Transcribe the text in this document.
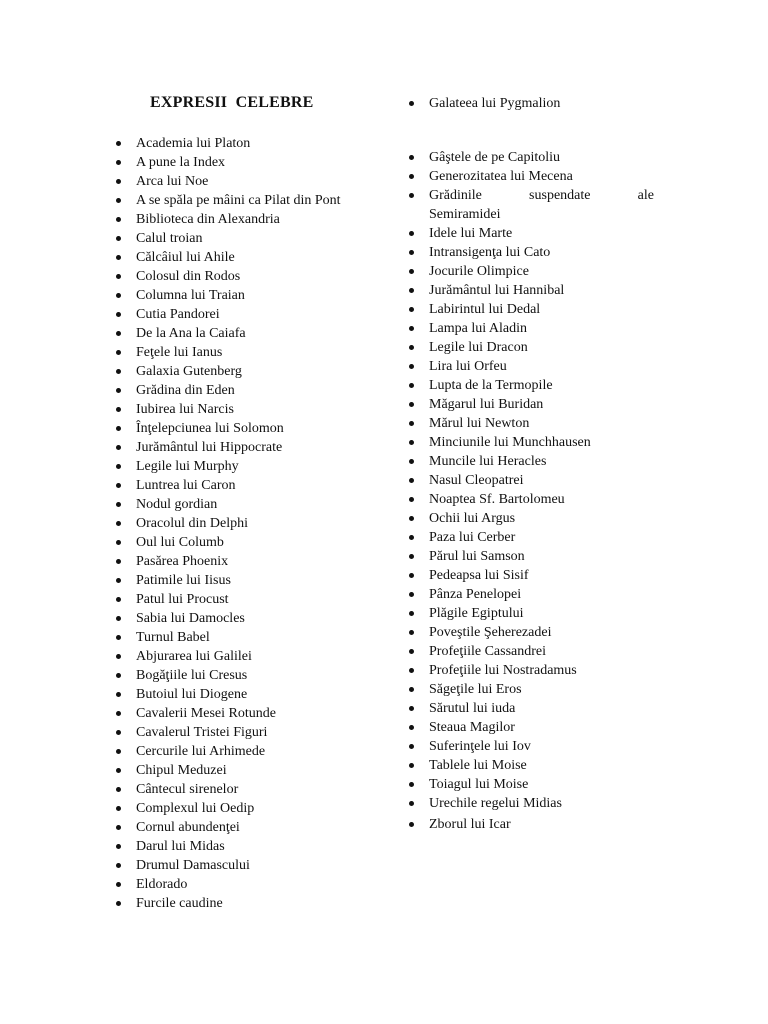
EXPRESII  CELEBRE
Academia lui Platon
A pune la Index
Arca lui Noe
A se spăla pe mâini ca Pilat din Pont
Biblioteca din Alexandria
Calul troian
Călcâiul lui Ahile
Colosul din Rodos
Columna lui Traian
Cutia Pandorei
De la Ana la Caiafa
Feţele lui Ianus
Galaxia Gutenberg
Grădina din Eden
Iubirea lui Narcis
Înţelepciunea lui Solomon
Jurământul lui Hippocrate
Legile lui Murphy
Luntrea lui Caron
Nodul gordian
Oracolul din Delphi
Oul lui Columb
Pasărea Phoenix
Patimile lui Iisus
Patul lui Procust
Sabia lui Damocles
Turnul Babel
Abjurarea lui Galilei
Bogăţiile lui Cresus
Butoiul lui Diogene
Cavalerii Mesei Rotunde
Cavalerul Tristei Figuri
Cercurile lui Arhimede
Chipul Meduzei
Cântecul sirenelor
Complexul lui Oedip
Cornul abundenţei
Darul lui Midas
Drumul Damascului
Eldorado
Furcile caudine
Galateea lui Pygmalion
Gâştele de pe Capitoliu
Generozitatea lui Mecena
Grădinile	suspendate	ale
Semiramidei
Idele lui Marte
Intransigenţa lui Cato
Jocurile Olimpice
Jurământul lui Hannibal
Labirintul lui Dedal
Lampa lui Aladin
Legile lui Dracon
Lira lui Orfeu
Lupta de la Termopile
Măgarul lui Buridan
Mărul lui Newton
Minciunile lui Munchhausen
Muncile lui Heracles
Nasul Cleopatrei
Noaptea Sf. Bartolomeu
Ochii lui Argus
Paza lui Cerber
Părul lui Samson
Pedeapsa lui Sisif
Pânza Penelopei
Plăgile Egiptului
Poveştile Şeherezadei
Profeţiile Cassandrei
Profeţiile lui Nostradamus
Săgeţile lui Eros
Sărutul lui iuda
Steaua Magilor
Suferinţele lui Iov
Tablele lui Moise
Toiagul lui Moise
Urechile regelui Midias
Zborul lui Icar
